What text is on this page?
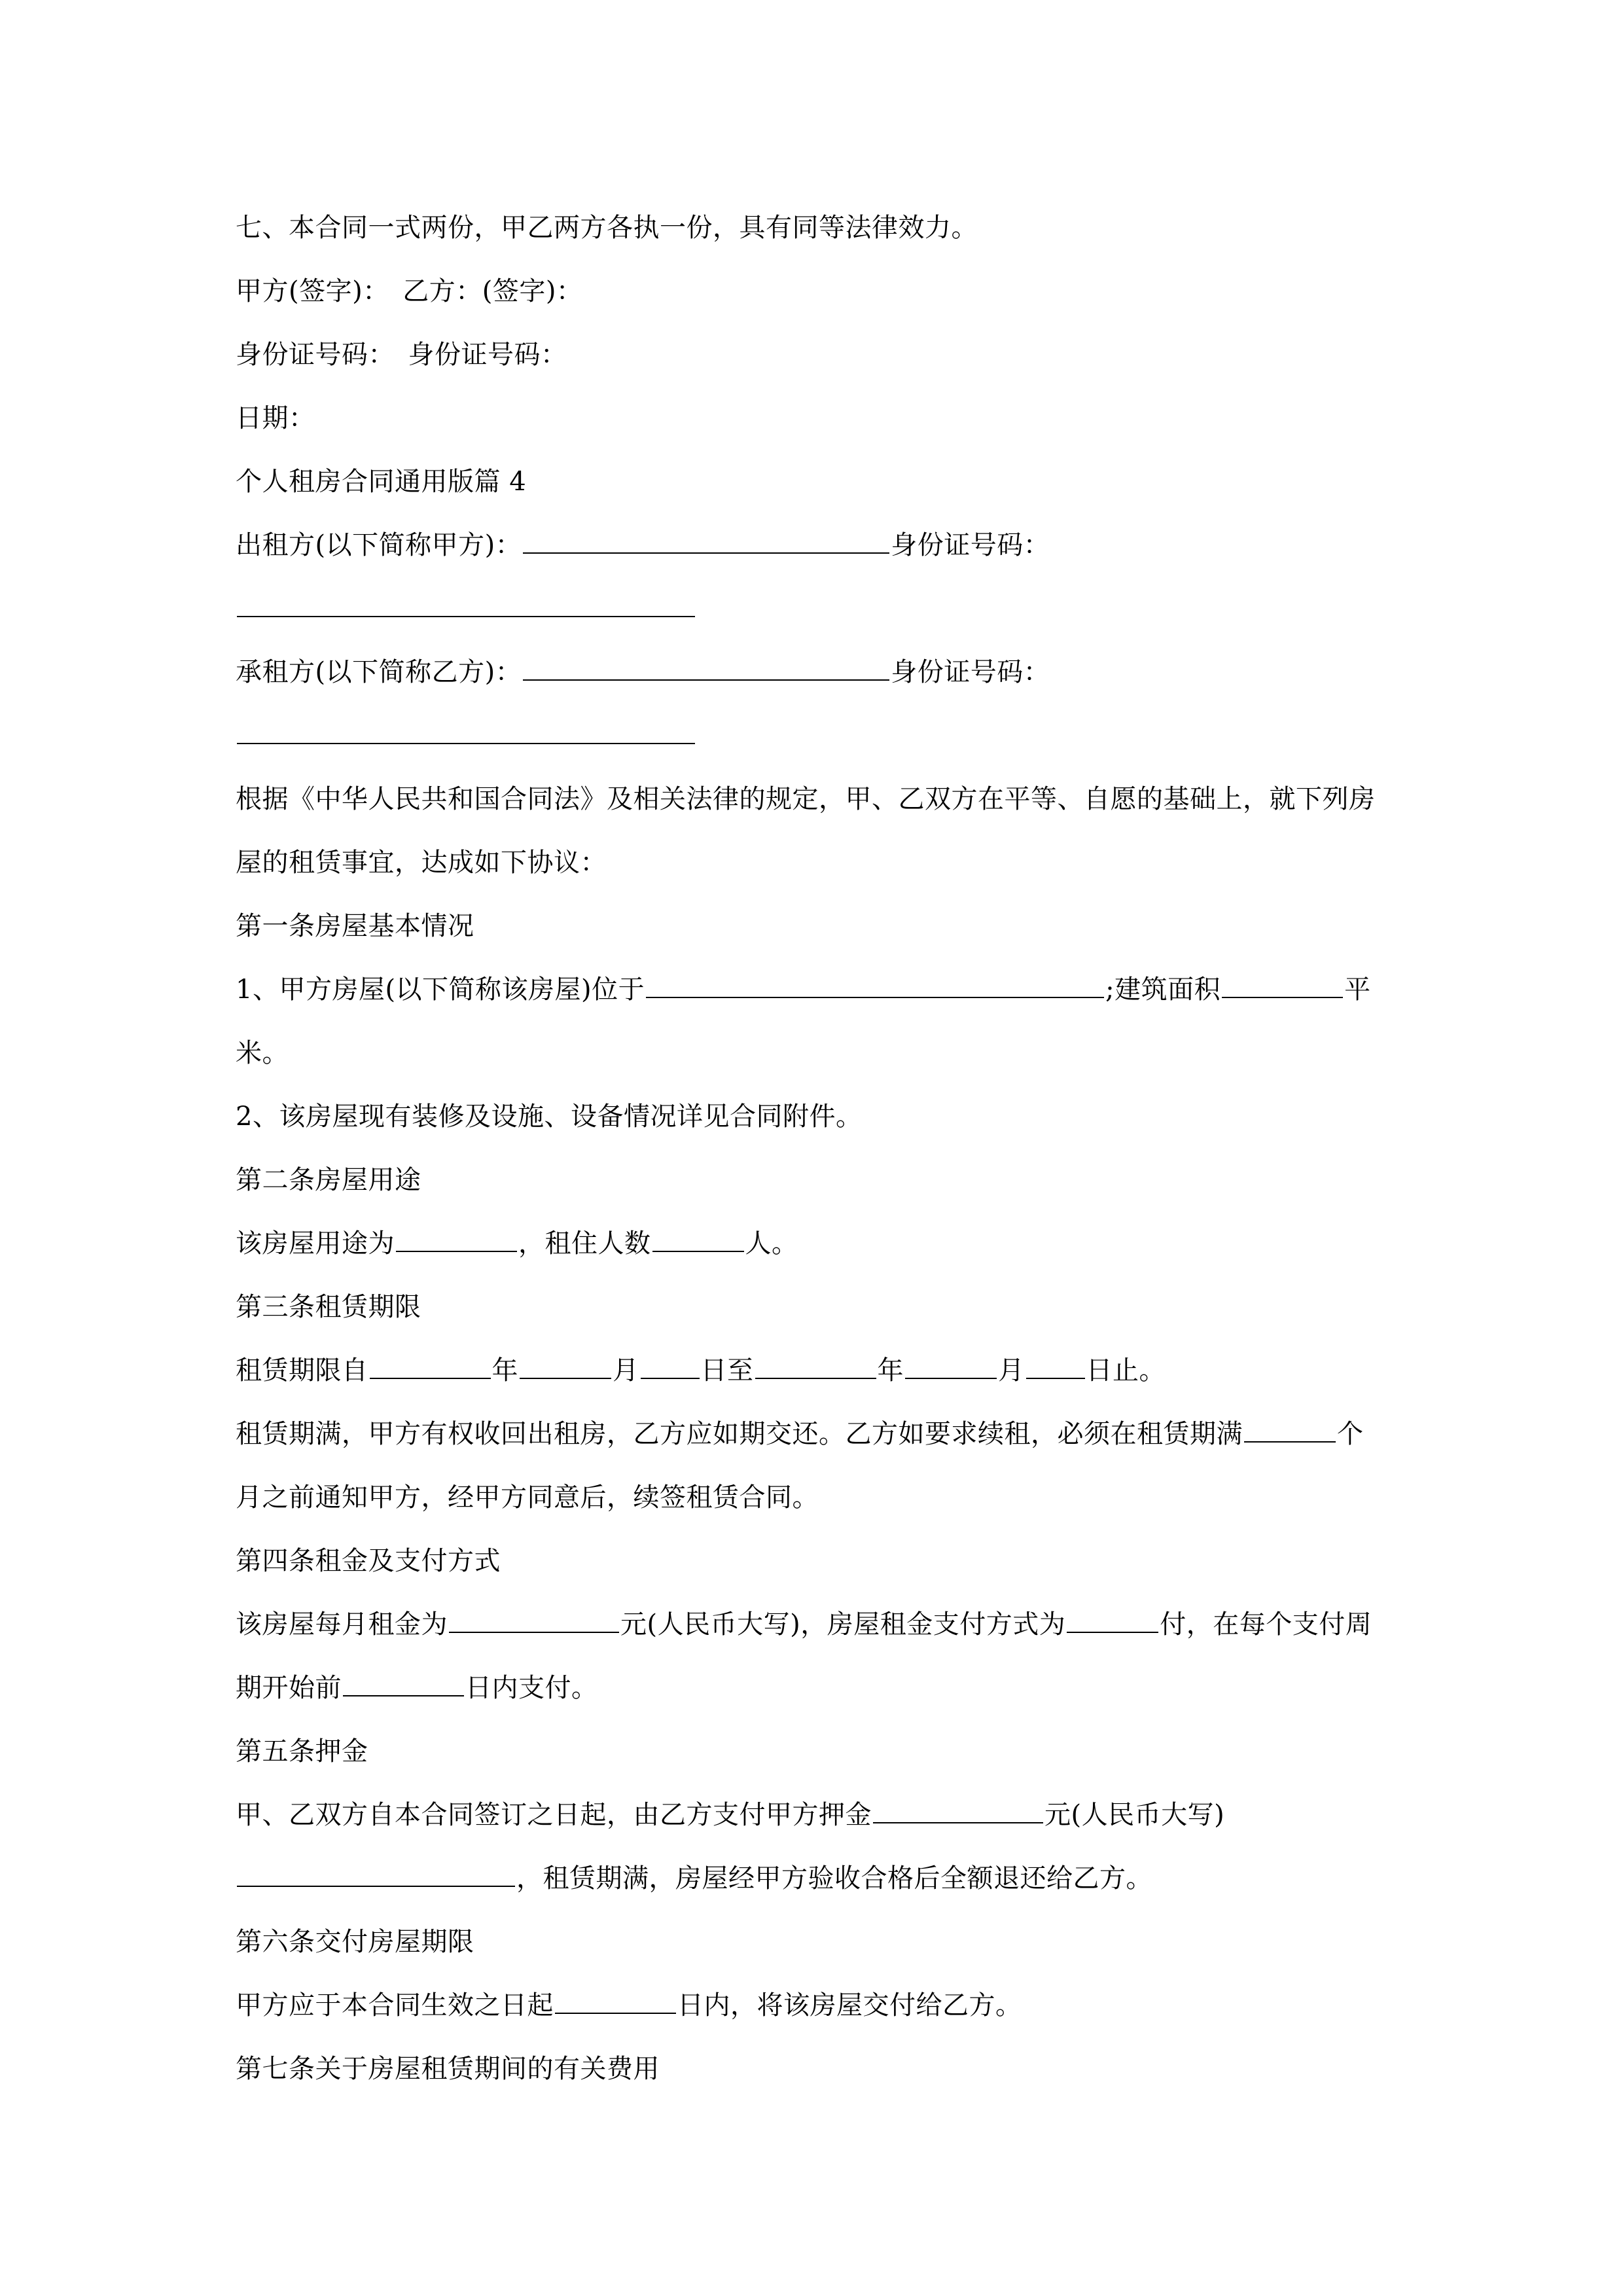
七、本合同一式两份，甲乙两方各执一份，具有同等法律效力。

甲方(签字)：　乙方：(签字)：

身份证号码：　身份证号码：

日期：

个人租房合同通用版篇 4

出租方(以下简称甲方)：	身份证号码：

承租方(以下简称乙方)：	身份证号码：

根据《中华人民共和国合同法》及相关法律的规定，甲、乙双方在平等、自愿的基础上，就下列房屋的租赁事宜，达成如下协议：

第一条房屋基本情况

1、甲方房屋(以下简称该房屋)位于	;建筑面积	平米。

2、该房屋现有装修及设施、设备情况详见合同附件。

第二条房屋用途

该房屋用途为	，租住人数	人。

第三条租赁期限

租赁期限自	年	月 日至	年	月 日止。

租赁期满，甲方有权收回出租房，乙方应如期交还。乙方如要求续租，必须在租赁期满	个月之前通知甲方，经甲方同意后，续签租赁合同。

第四条租金及支付方式

该房屋每月租金为	元(人民币大写)，房屋租金支付方式为	付，在每个支付周期开始前	日内支付。

第五条押金

甲、乙双方自本合同签订之日起，由乙方支付甲方押金	元(人民币大写)，租赁期满，房屋经甲方验收合格后全额退还给乙方。

第六条交付房屋期限

甲方应于本合同生效之日起	日内，将该房屋交付给乙方。

第七条关于房屋租赁期间的有关费用
